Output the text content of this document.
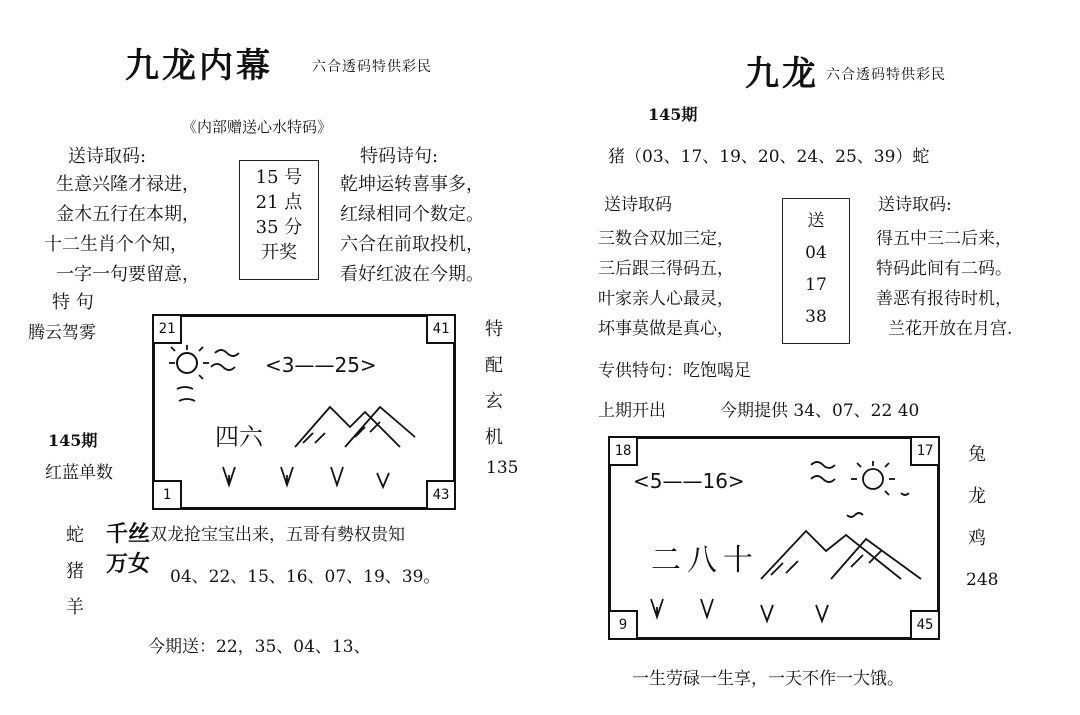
九龙内幕	六合透码特供彩民
《内部赠送心水特码》
送诗取码:
生意兴隆才禄进，
金木五行在本期，
十二生肖个个知，
一字一句要留意，
15 号
21 点
35 分
开奖
特码诗句:
乾坤运转喜事多，
红绿相同个数定。
六合在前取投机，
看好红波在今期。
特 句
腾云驾雾
145期
红蓝单数
21	41
1	43
<3——25>
四六
特
配
玄
机
135
蛇
猪
羊
千丝
万女
双龙抢宝宝出来，五哥有勢权贵知
04、22、15、16、07、19、39。
今期送：22，35、04、13、
九龙 六合透码特供彩民
145期
猪（03、17、19、20、24、25、39）蛇
送诗取码
三数合双加三定，
三后跟三得码五，
叶家亲人心最灵，
坏事莫做是真心，
送
04
17
38
送诗取码:
得五中三二后来，
特码此间有二码。
善恶有报待时机，
兰花开放在月宫.
专供特句：吃饱喝足
上期开出	今期提供 34、07、22 40
18	17
9	45
<5——16>
二八十
兔
龙
鸡
248
一生劳碌一生享，一天不作一大饿。
